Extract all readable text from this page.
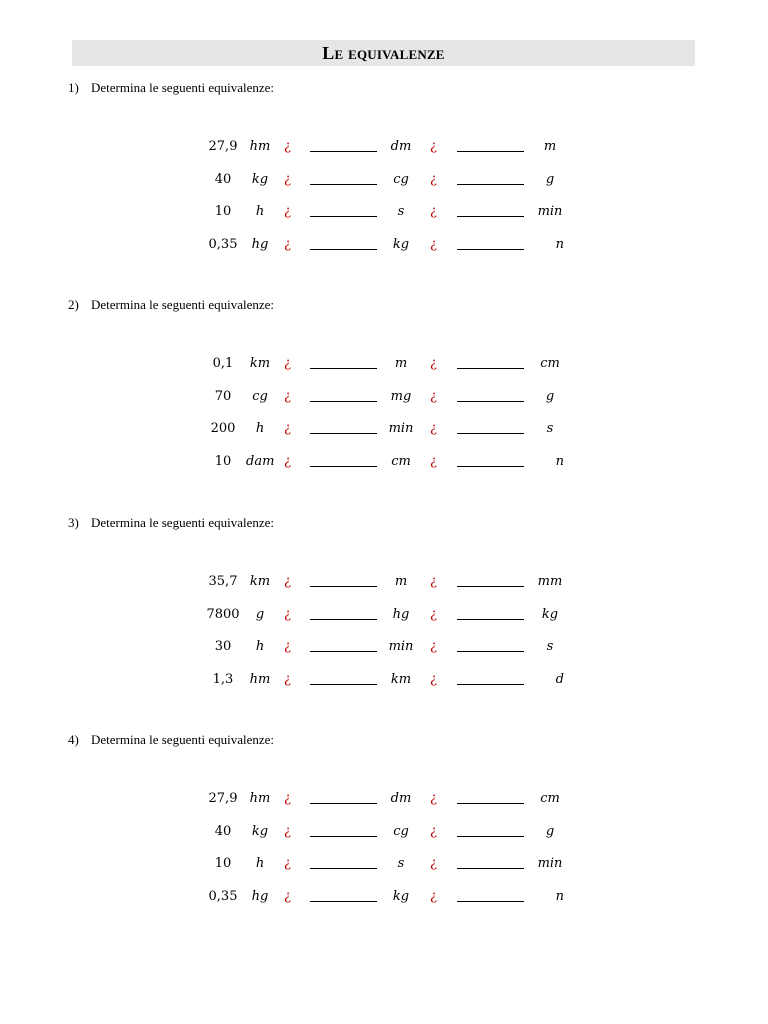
Le equivalenze
1) Determina le seguenti equivalenze:
27,9 hm ¿	dm	¿	m
40	kg	¿	cg	¿	g
10	h	¿	s	¿	min
0,35	hg	¿	kg	¿	n
2) Determina le seguenti equivalenze:
0,1	km ¿	m	¿	cm
70	cg	¿	mg	¿	g
200	h	¿	min	¿	s
10	dam ¿	cm	¿	n
3) Determina le seguenti equivalenze:
35,7 km ¿	m	¿	mm
7800	g	¿	hg	¿	kg
30	h	¿	min	¿	s
1,3	hm ¿	km	¿	d
4) Determina le seguenti equivalenze:
27,9 hm ¿	dm	¿	cm
40	kg	¿	cg	¿	g
10	h	¿	s	¿	min
0,35	hg	¿	kg	¿	n
